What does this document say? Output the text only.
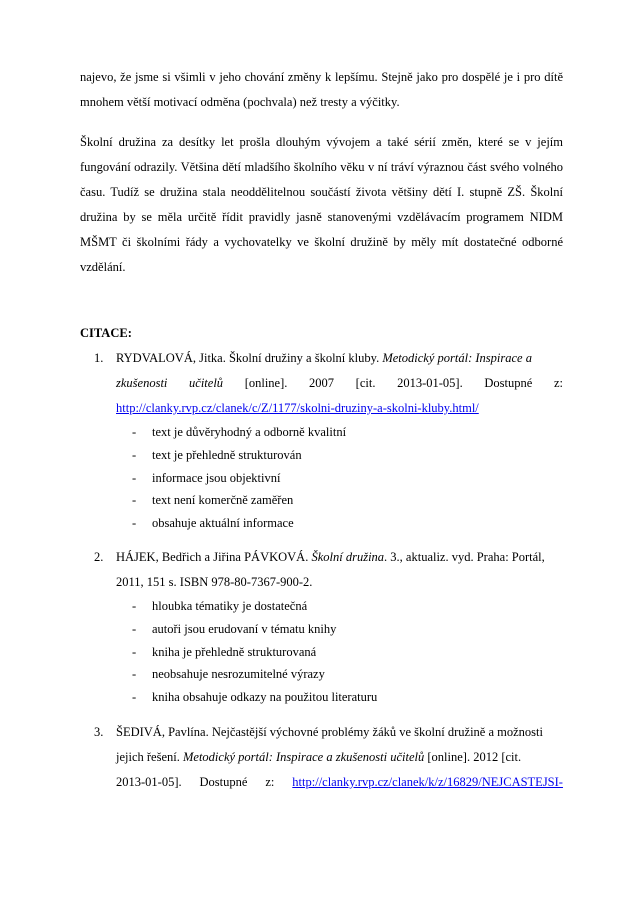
najevo, že jsme si všimli v jeho chování změny k lepšímu. Stejně jako pro dospělé je i pro dítě mnohem větší motivací odměna (pochvala) než tresty a výčitky.
Školní družina za desítky let prošla dlouhým vývojem a také sérií změn, které se v jejím fungování odrazily. Většina dětí mladšího školního věku v ní tráví výraznou část svého volného času. Tudíž se družina stala neoddělitelnou součástí života většiny dětí I. stupně ZŠ. Školní družina by se měla určitě řídit pravidly jasně stanovenými vzdělávacím programem NIDM MŠMT či školními řády a vychovatelky ve školní družině by měly mít dostatečné odborné vzdělání.
CITACE:
1.	RYDVALOVÁ, Jitka. Školní družiny a školní kluby. Metodický portál: Inspirace a
zkušenosti učitelů [online]. 2007 [cit. 2013-01-05]. Dostupné z:
http://clanky.rvp.cz/clanek/c/Z/1177/skolni-druziny-a-skolni-kluby.html/
- text je důvěryhodný a odborně kvalitní
- text je přehledně strukturován
- informace jsou objektivní
- text není komerčně zaměřen
- obsahuje aktuální informace
2.	HÁJEK, Bedřich a Jiřina PÁVKOVÁ. Školní družina. 3., aktualiz. vyd. Praha: Portál,
2011, 151 s. ISBN 978-80-7367-900-2.
- hloubka tématiky je dostatečná
- autoři jsou erudovaní v tématu knihy
- kniha je přehledně strukturovaná
- neobsahuje nesrozumitelné výrazy
- kniha obsahuje odkazy na použitou literaturu
3.	ŠEDIVÁ, Pavlína. Nejčastější výchovné problémy žáků ve školní družině a možnosti
jejich řešení. Metodický portál: Inspirace a zkušenosti učitelů [online]. 2012 [cit.
2013-01-05]. Dostupné z: http://clanky.rvp.cz/clanek/k/z/16829/NEJCASTEJSI-
